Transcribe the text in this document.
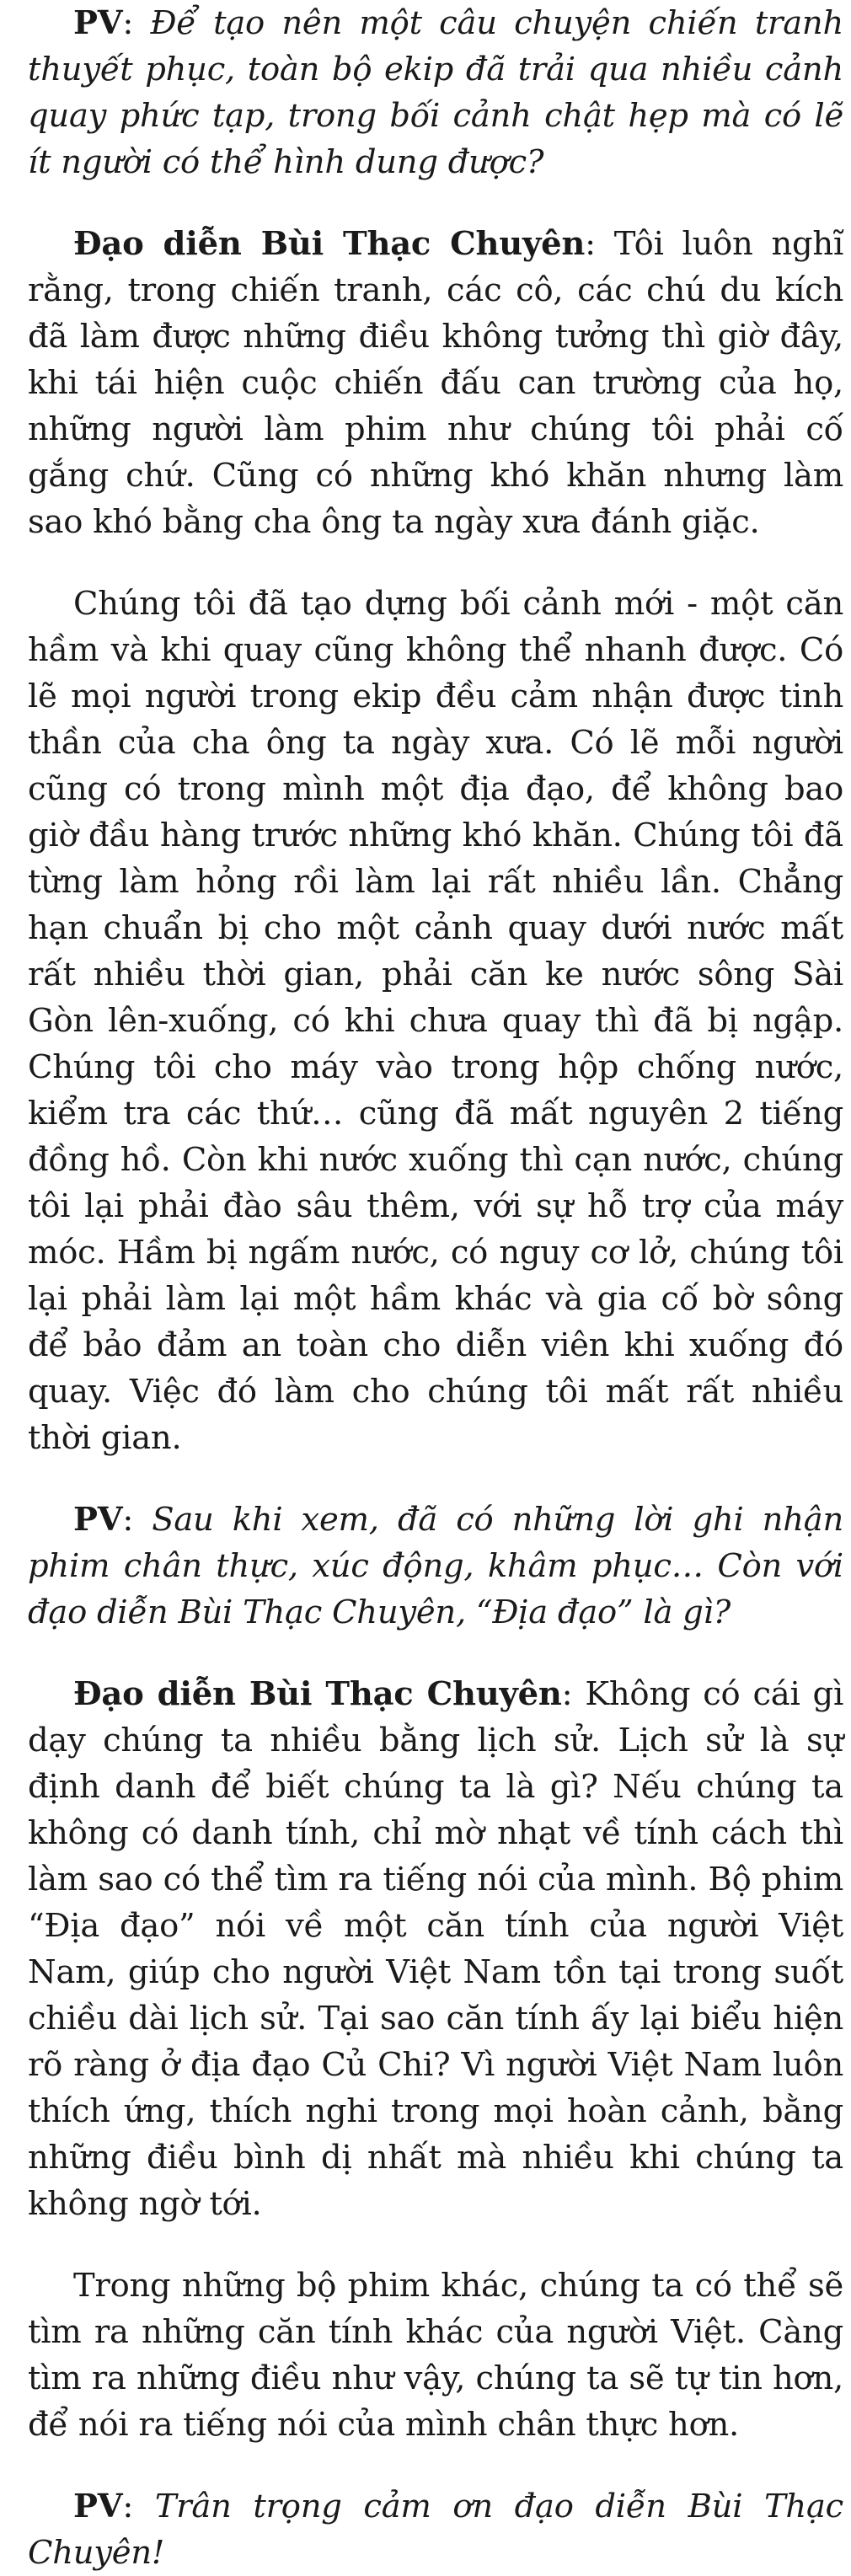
PV: Để tạo nên một câu chuyện chiến tranh thuyết phục, toàn bộ ekip đã trải qua nhiều cảnh quay phức tạp, trong bối cảnh chật hẹp mà có lẽ ít người có thể hình dung được?

Đạo diễn Bùi Thạc Chuyên: Tôi luôn nghĩ rằng, trong chiến tranh, các cô, các chú du kích đã làm được những điều không tưởng thì giờ đây, khi tái hiện cuộc chiến đấu can trường của họ, những người làm phim như chúng tôi phải cố gắng chứ. Cũng có những khó khăn nhưng làm sao khó bằng cha ông ta ngày xưa đánh giặc.

Chúng tôi đã tạo dựng bối cảnh mới - một căn hầm và khi quay cũng không thể nhanh được. Có lẽ mọi người trong ekip đều cảm nhận được tinh thần của cha ông ta ngày xưa. Có lẽ mỗi người cũng có trong mình một địa đạo, để không bao giờ đầu hàng trước những khó khăn. Chúng tôi đã từng làm hỏng rồi làm lại rất nhiều lần. Chẳng hạn chuẩn bị cho một cảnh quay dưới nước mất rất nhiều thời gian, phải căn ke nước sông Sài Gòn lên-xuống, có khi chưa quay thì đã bị ngập. Chúng tôi cho máy vào trong hộp chống nước, kiểm tra các thứ… cũng đã mất nguyên 2 tiếng đồng hồ. Còn khi nước xuống thì cạn nước, chúng tôi lại phải đào sâu thêm, với sự hỗ trợ của máy móc. Hầm bị ngấm nước, có nguy cơ lở, chúng tôi lại phải làm lại một hầm khác và gia cố bờ sông để bảo đảm an toàn cho diễn viên khi xuống đó quay. Việc đó làm cho chúng tôi mất rất nhiều thời gian.

PV: Sau khi xem, đã có những lời ghi nhận phim chân thực, xúc động, khâm phục… Còn với đạo diễn Bùi Thạc Chuyên, “Địa đạo” là gì?

Đạo diễn Bùi Thạc Chuyên: Không có cái gì dạy chúng ta nhiều bằng lịch sử. Lịch sử là sự định danh để biết chúng ta là gì? Nếu chúng ta không có danh tính, chỉ mờ nhạt về tính cách thì làm sao có thể tìm ra tiếng nói của mình. Bộ phim “Địa đạo” nói về một căn tính của người Việt Nam, giúp cho người Việt Nam tồn tại trong suốt chiều dài lịch sử. Tại sao căn tính ấy lại biểu hiện rõ ràng ở địa đạo Củ Chi? Vì người Việt Nam luôn thích ứng, thích nghi trong mọi hoàn cảnh, bằng những điều bình dị nhất mà nhiều khi chúng ta không ngờ tới.

Trong những bộ phim khác, chúng ta có thể sẽ tìm ra những căn tính khác của người Việt. Càng tìm ra những điều như vậy, chúng ta sẽ tự tin hơn, để nói ra tiếng nói của mình chân thực hơn.

PV: Trân trọng cảm ơn đạo diễn Bùi Thạc Chuyên!
